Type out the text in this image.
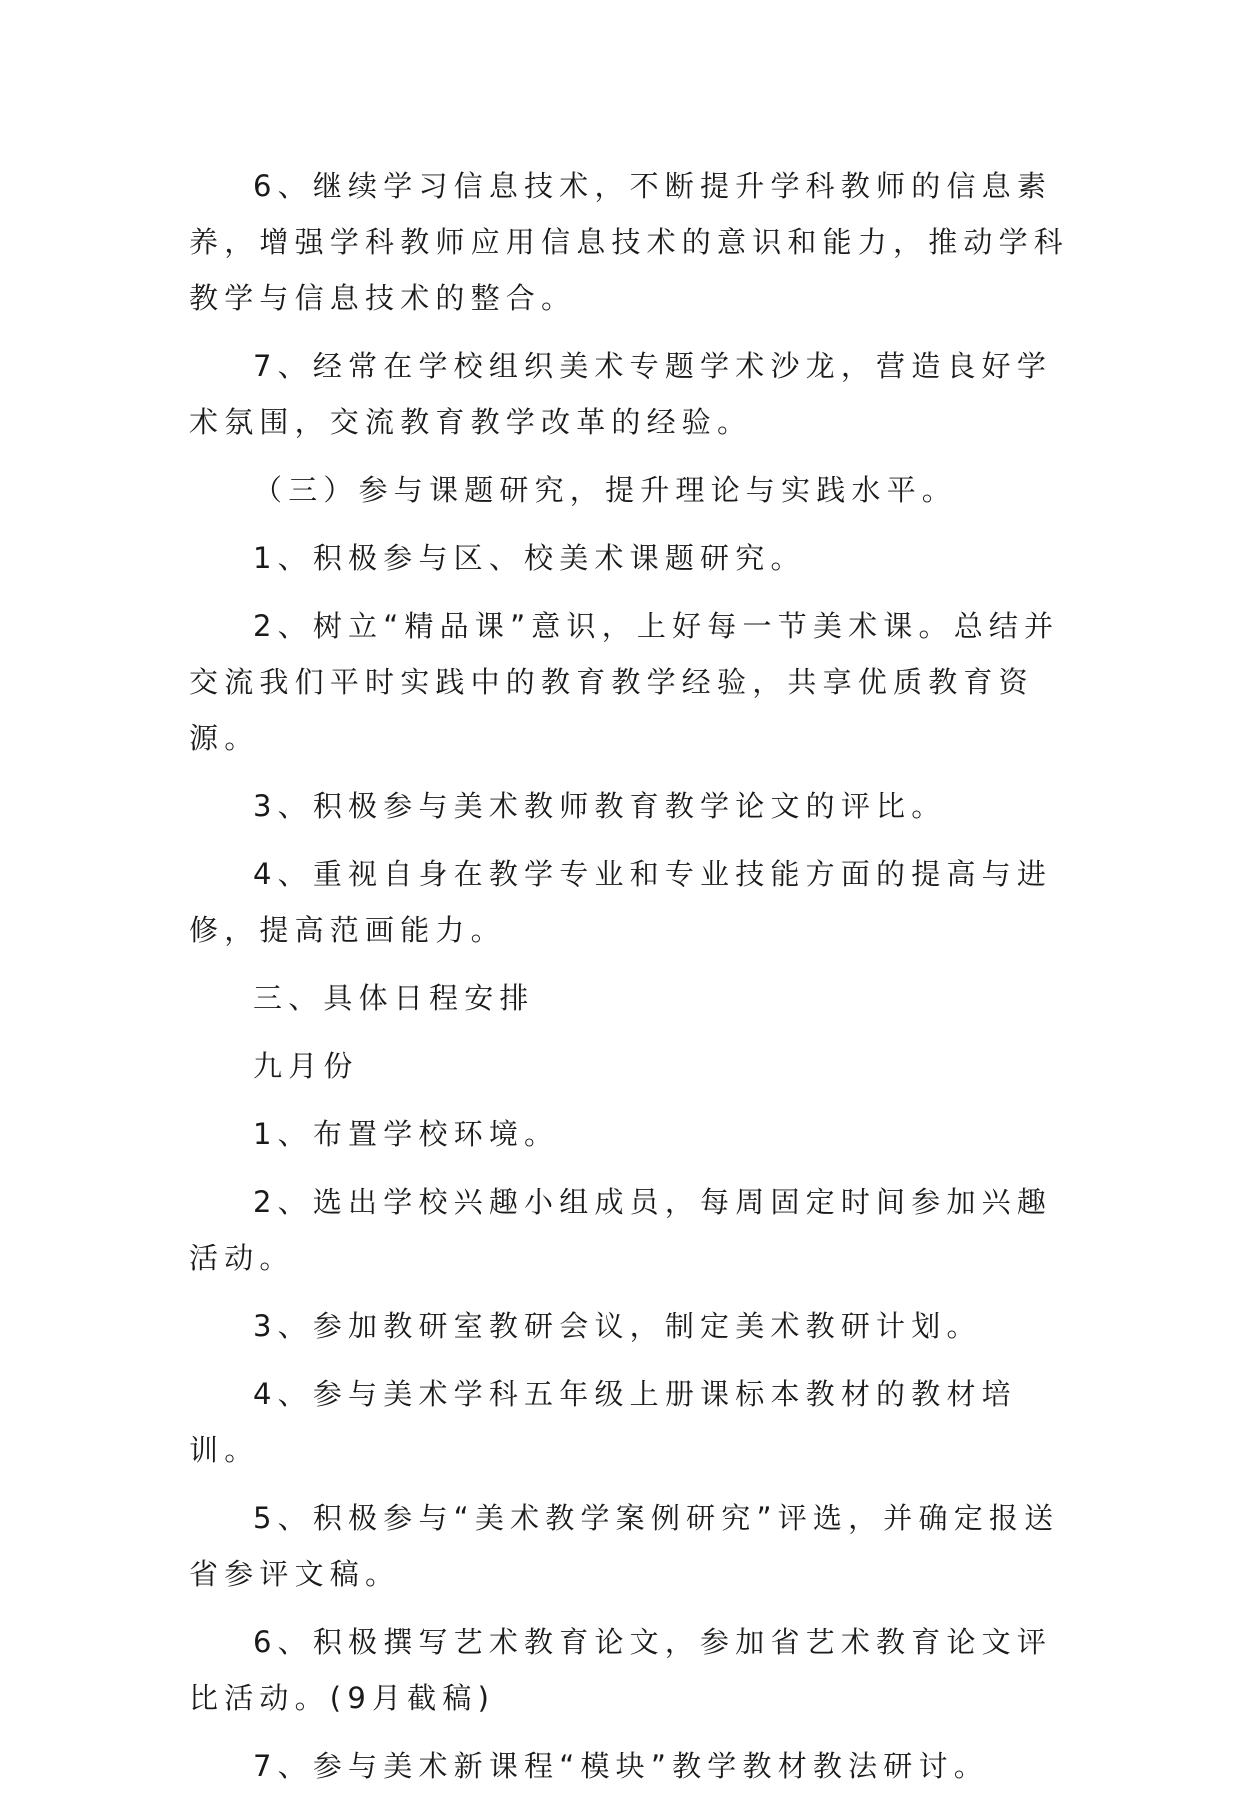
6、继续学习信息技术，不断提升学科教师的信息素养，增强学科教师应用信息技术的意识和能力，推动学科教学与信息技术的整合。

7、经常在学校组织美术专题学术沙龙，营造良好学术氛围，交流教育教学改革的经验。

（三）参与课题研究，提升理论与实践水平。

1、积极参与区、校美术课题研究。

2、树立“精品课”意识，上好每一节美术课。总结并交流我们平时实践中的教育教学经验，共享优质教育资源。

3、积极参与美术教师教育教学论文的评比。

4、重视自身在教学专业和专业技能方面的提高与进修，提高范画能力。

三、具体日程安排

九月份

1、布置学校环境。

2、选出学校兴趣小组成员，每周固定时间参加兴趣活动。

3、参加教研室教研会议，制定美术教研计划。

4、参与美术学科五年级上册课标本教材的教材培训。

5、积极参与“美术教学案例研究”评选，并确定报送省参评文稿。

6、积极撰写艺术教育论文，参加省艺术教育论文评比活动。(9月截稿)

7、参与美术新课程“模块”教学教材教法研讨。
